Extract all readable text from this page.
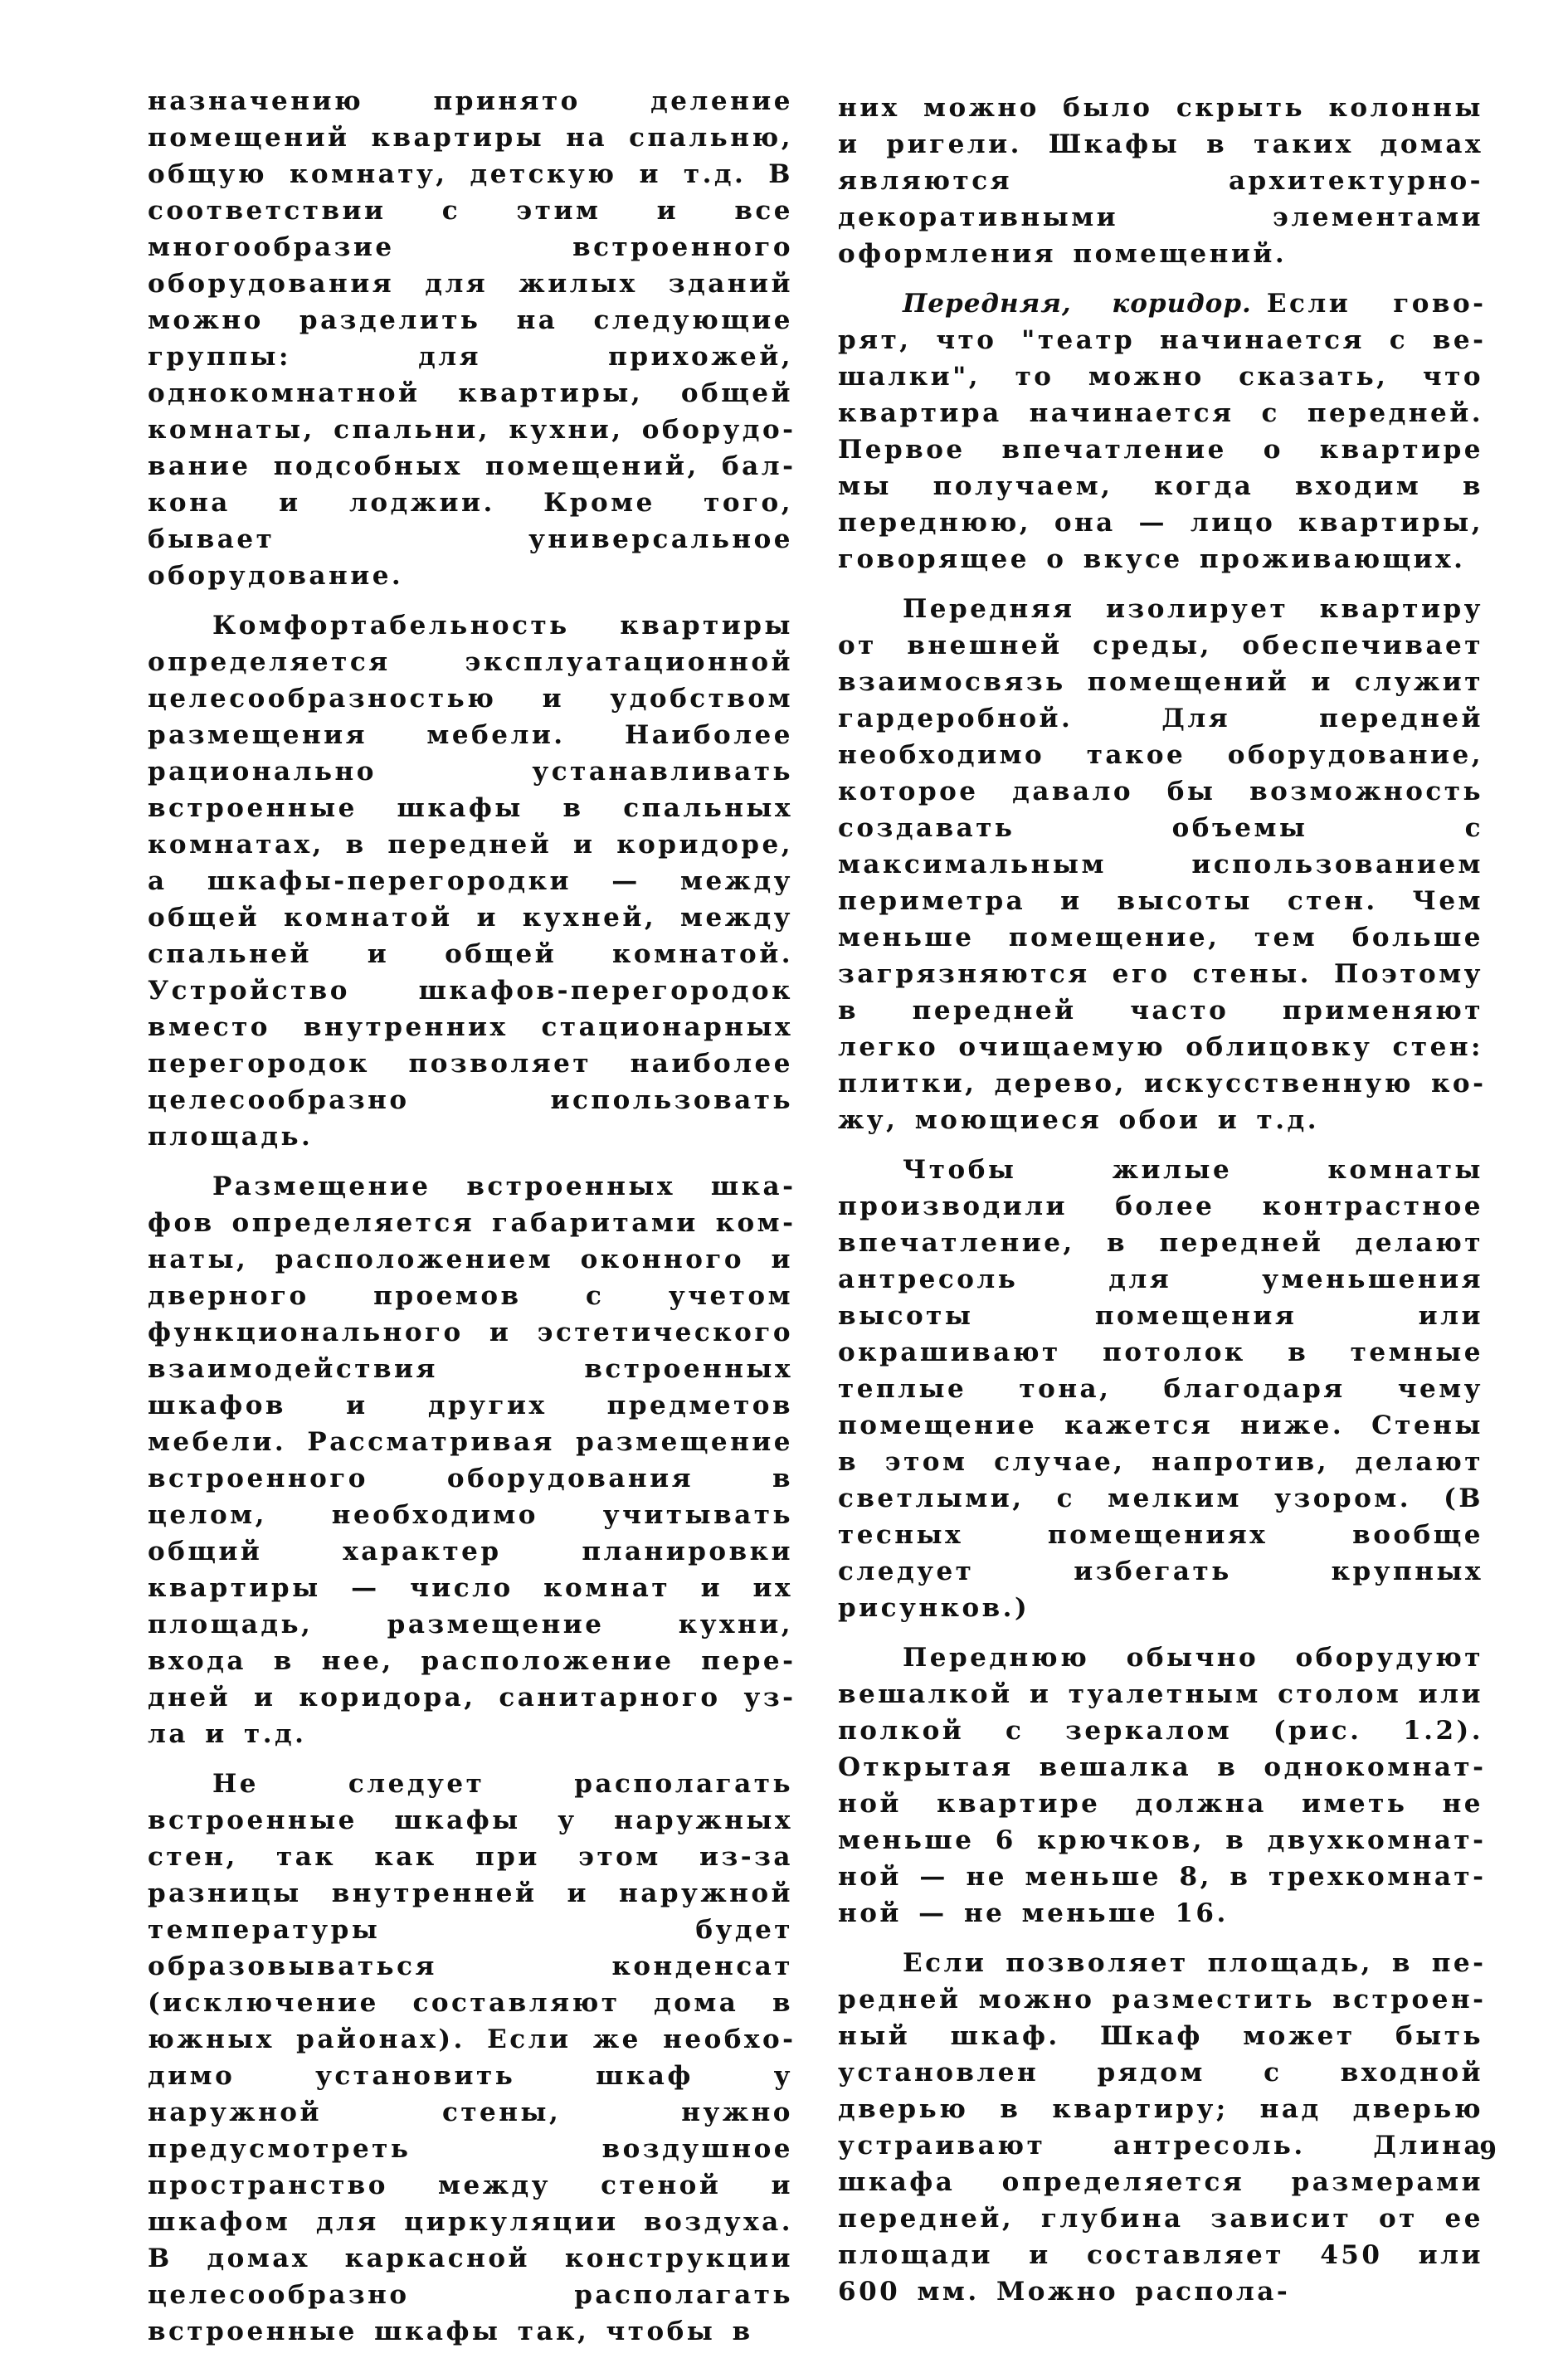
назначению принято деление помещений квартиры на спальню, общую комнату, детскую и т.д. В соответствии с этим и все многообразие встроенного оборудования для жилых зданий можно разделить на следующие группы: для прихожей, однокомнатной квартиры, общей комнаты, спальни, кухни, оборудование подсобных помещений, балкона и лоджии. Кроме того, бывает универсальное оборудование.

Комфортабельность квартиры определяется эксплуатационной целесообразностью и удобством размещения мебели. Наиболее рационально устанавливать встроенные шкафы в спальных комнатах, в передней и коридоре, а шкафы-перегородки — между общей комнатой и кухней, между спальней и общей комнатой. Устройство шкафов-перегородок вместо внутренних стационарных перегородок позволяет наиболее целесообразно использовать площадь.

Размещение встроенных шкафов определяется габаритами комнаты, расположением оконного и дверного проемов с учетом функционального и эстетического взаимодействия встроенных шкафов и других предметов мебели. Рассматривая размещение встроенного оборудования в целом, необходимо учитывать общий характер планировки квартиры — число комнат и их площадь, размещение кухни, входа в нее, расположение передней и коридора, санитарного узла и т.д.

Не следует располагать встроенные шкафы у наружных стен, так как при этом из-за разницы внутренней и наружной температуры будет образовываться конденсат (исключение составляют дома в южных районах). Если же необходимо установить шкаф у наружной стены, нужно предусмотреть воздушное пространство между стеной и шкафом для циркуляции воздуха. В домах каркасной конструкции целесообразно располагать встроенные шкафы так, чтобы в

них можно было скрыть колонны и ригели. Шкафы в таких домах являются архитектурно-декоративными элементами оформления помещений.

Передняя, коридор. Если говорят, что "театр начинается с вешалки", то можно сказать, что квартира начинается с передней. Первое впечатление о квартире мы получаем, когда входим в переднюю, она — лицо квартиры, говорящее о вкусе проживающих.

Передняя изолирует квартиру от внешней среды, обеспечивает взаимосвязь помещений и служит гардеробной. Для передней необходимо такое оборудование, которое давало бы возможность создавать объемы с максимальным использованием периметра и высоты стен. Чем меньше помещение, тем больше загрязняются его стены. Поэтому в передней часто применяют легко очищаемую облицовку стен: плитки, дерево, искусственную кожу, моющиеся обои и т.д.

Чтобы жилые комнаты производили более контрастное впечатление, в передней делают антресоль для уменьшения высоты помещения или окрашивают потолок в темные теплые тона, благодаря чему помещение кажется ниже. Стены в этом случае, напротив, делают светлыми, с мелким узором. (В тесных помещениях вообще следует избегать крупных рисунков.)

Переднюю обычно оборудуют вешалкой и туалетным столом или полкой с зеркалом (рис. 1.2). Открытая вешалка в однокомнатной квартире должна иметь не меньше 6 крючков, в двухкомнатной — не меньше 8, в трехкомнатной — не меньше 16.

Если позволяет площадь, в передней можно разместить встроенный шкаф. Шкаф может быть установлен рядом с входной дверью в квартиру; над дверью устраивают антресоль. Длина шкафа определяется размерами передней, глубина зависит от ее площади и составляет 450 или 600 мм. Можно распола-

9
